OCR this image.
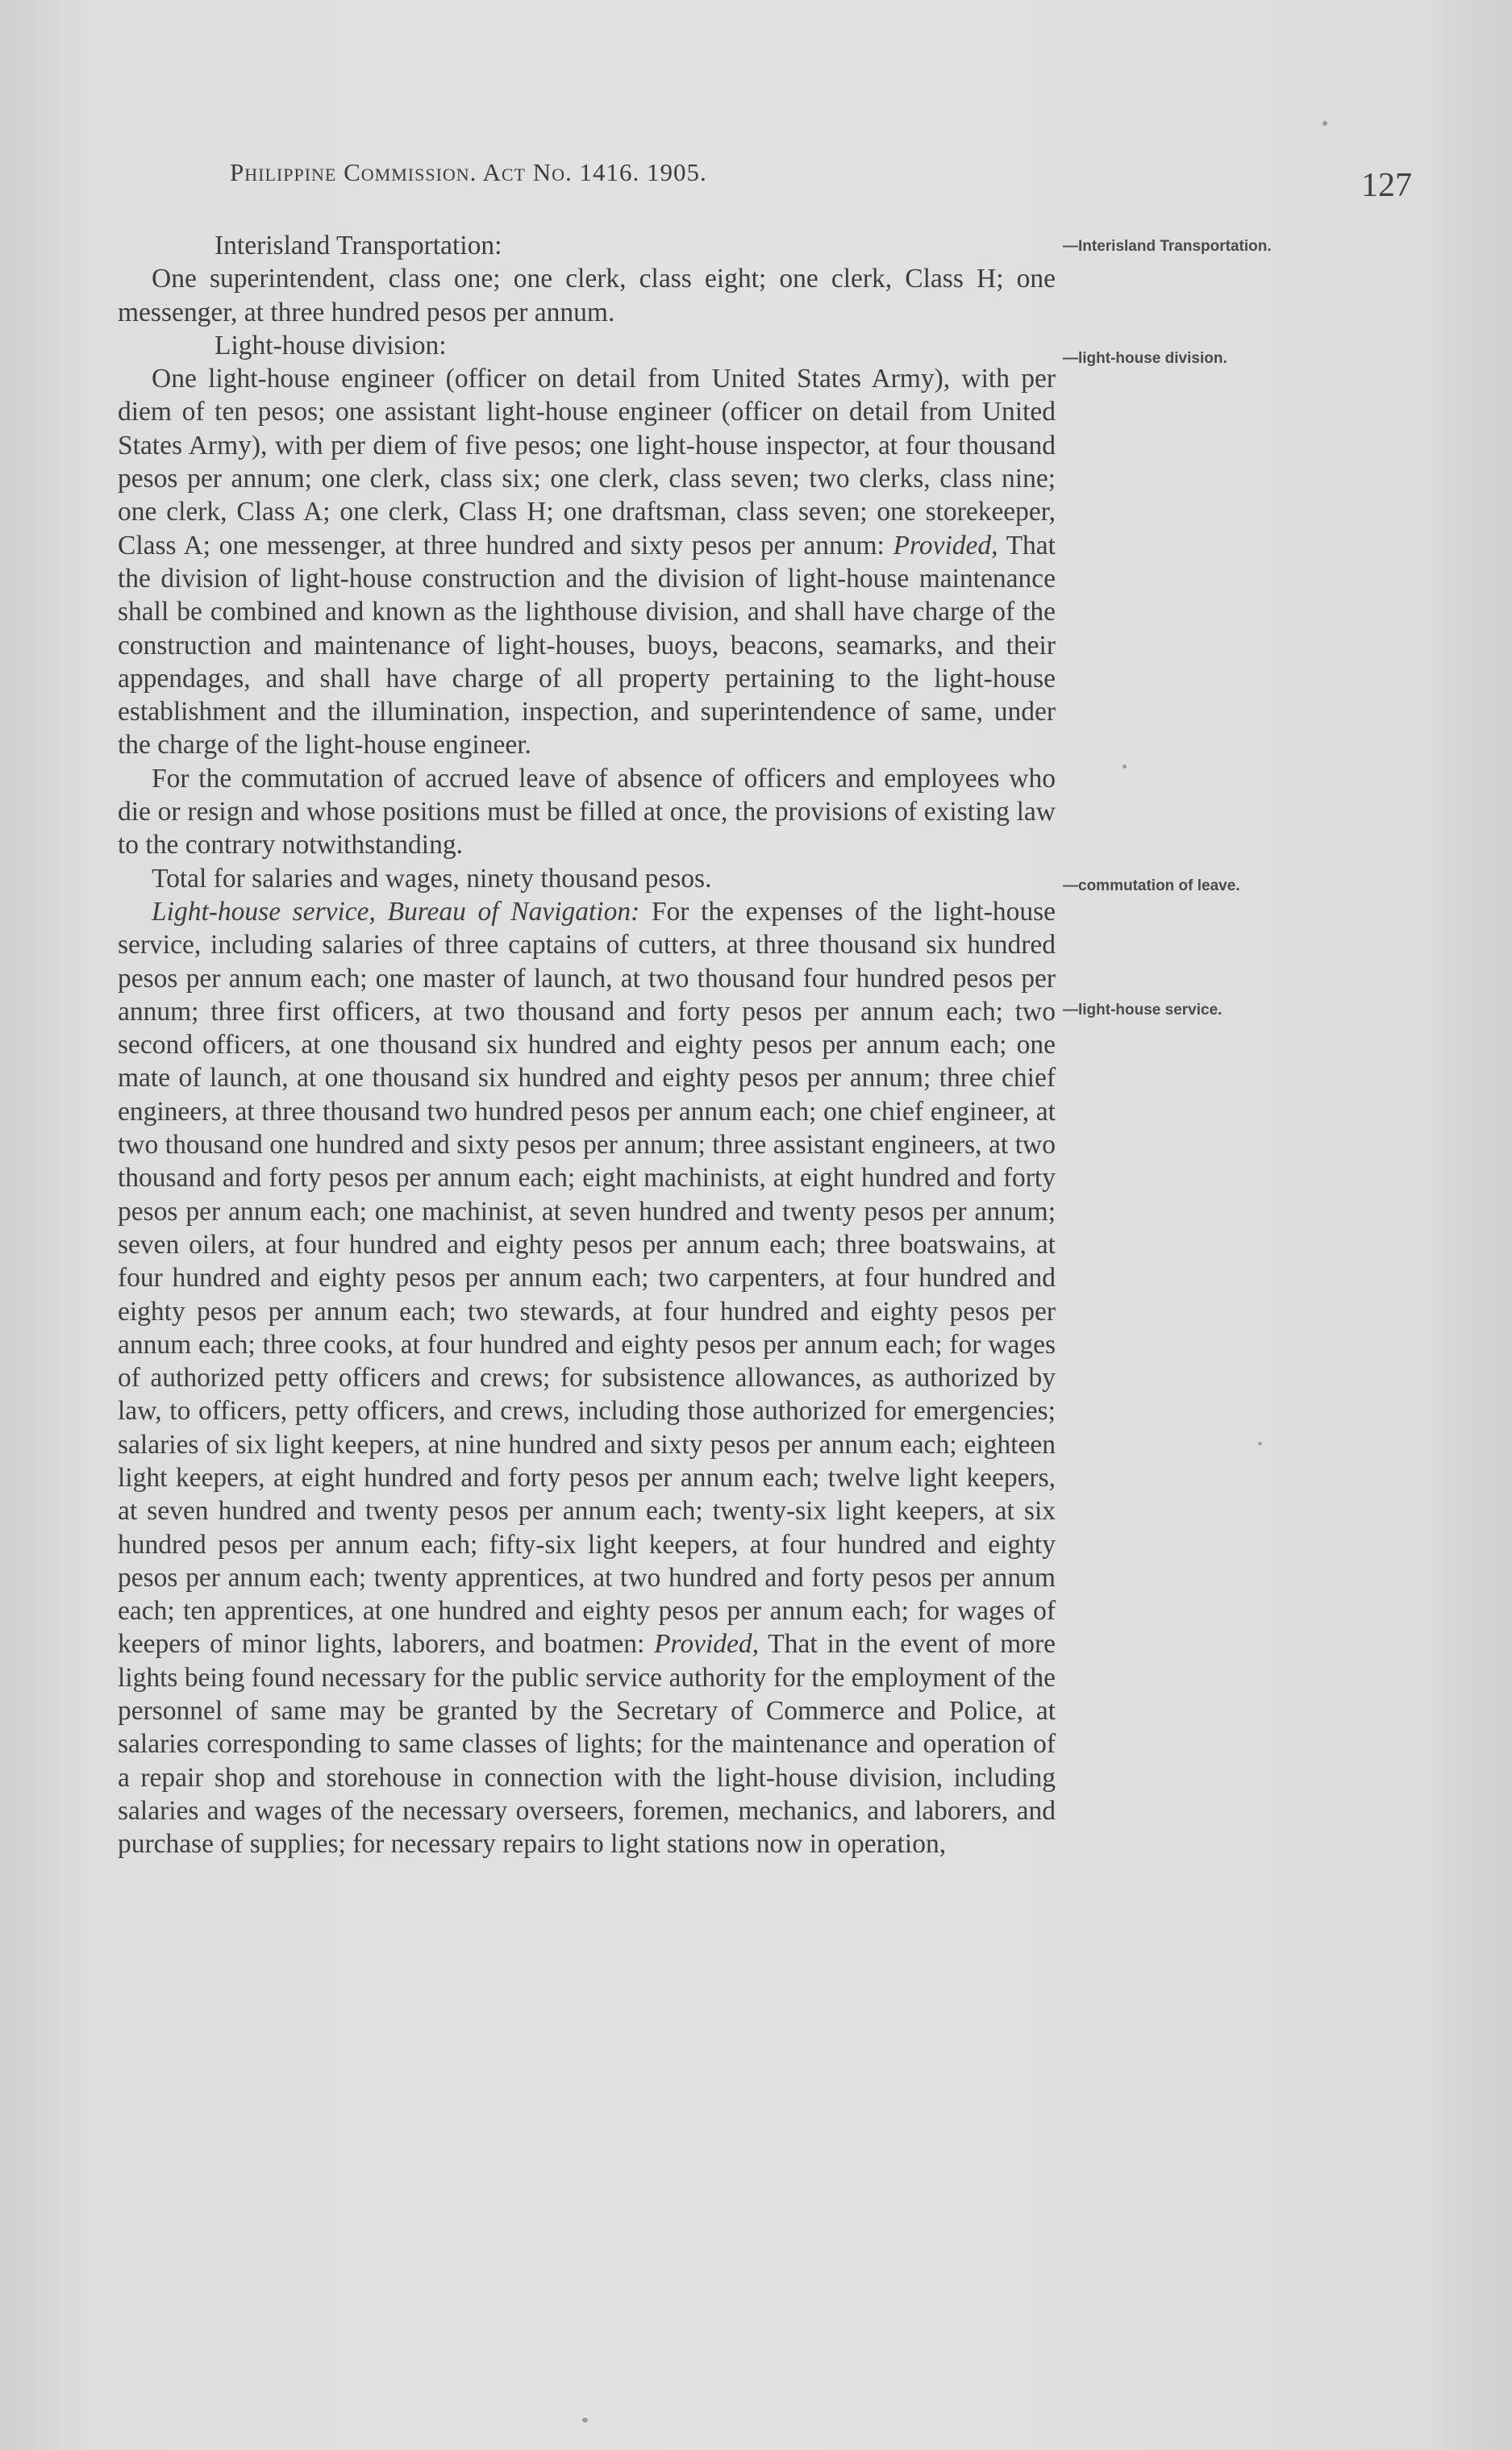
Philippine Commission. Act No. 1416. 1905.	127

Interisland Transportation:

One superintendent, class one; one clerk, class eight; one clerk, Class H; one messenger, at three hundred pesos per annum.

Light-house division:

One light-house engineer (officer on detail from United States Army), with per diem of ten pesos; one assistant light-house engineer (officer on detail from United States Army), with per diem of five pesos; one light-house inspector, at four thousand pesos per annum; one clerk, class six; one clerk, class seven; two clerks, class nine; one clerk, Class A; one clerk, Class H; one draftsman, class seven; one storekeeper, Class A; one messenger, at three hundred and sixty pesos per annum: Provided, That the division of light-house construction and the division of light-house maintenance shall be combined and known as the lighthouse division, and shall have charge of the construction and maintenance of light-houses, buoys, beacons, seamarks, and their appendages, and shall have charge of all property pertaining to the light-house establishment and the illumination, inspection, and superintendence of same, under the charge of the light-house engineer.

For the commutation of accrued leave of absence of officers and employees who die or resign and whose positions must be filled at once, the provisions of existing law to the contrary notwithstanding.

Total for salaries and wages, ninety thousand pesos.

Light-house service, Bureau of Navigation: For the expenses of the light-house service, including salaries of three captains of cutters, at three thousand six hundred pesos per annum each; one master of launch, at two thousand four hundred pesos per annum; three first officers, at two thousand and forty pesos per annum each; two second officers, at one thousand six hundred and eighty pesos per annum each; one mate of launch, at one thousand six hundred and eighty pesos per annum; three chief engineers, at three thousand two hundred pesos per annum each; one chief engineer, at two thousand one hundred and sixty pesos per annum; three assistant engineers, at two thousand and forty pesos per annum each; eight machinists, at eight hundred and forty pesos per annum each; one machinist, at seven hundred and twenty pesos per annum; seven oilers, at four hundred and eighty pesos per annum each; three boatswains, at four hundred and eighty pesos per annum each; two carpenters, at four hundred and eighty pesos per annum each; two stewards, at four hundred and eighty pesos per annum each; three cooks, at four hundred and eighty pesos per annum each; for wages of authorized petty officers and crews; for subsistence allowances, as authorized by law, to officers, petty officers, and crews, including those authorized for emergencies; salaries of six light keepers, at nine hundred and sixty pesos per annum each; eighteen light keepers, at eight hundred and forty pesos per annum each; twelve light keepers, at seven hundred and twenty pesos per annum each; twenty-six light keepers, at six hundred pesos per annum each; fifty-six light keepers, at four hundred and eighty pesos per annum each; twenty apprentices, at two hundred and forty pesos per annum each; ten apprentices, at one hundred and eighty pesos per annum each; for wages of keepers of minor lights, laborers, and boatmen: Provided, That in the event of more lights being found necessary for the public service authority for the employment of the personnel of same may be granted by the Secretary of Commerce and Police, at salaries corresponding to same classes of lights; for the maintenance and operation of a repair shop and storehouse in connection with the light-house division, including salaries and wages of the necessary overseers, foremen, mechanics, and laborers, and purchase of supplies; for necessary repairs to light stations now in operation,

—Interisland Transportation.
—light-house division.
—commutation of leave.
—light-house service.
